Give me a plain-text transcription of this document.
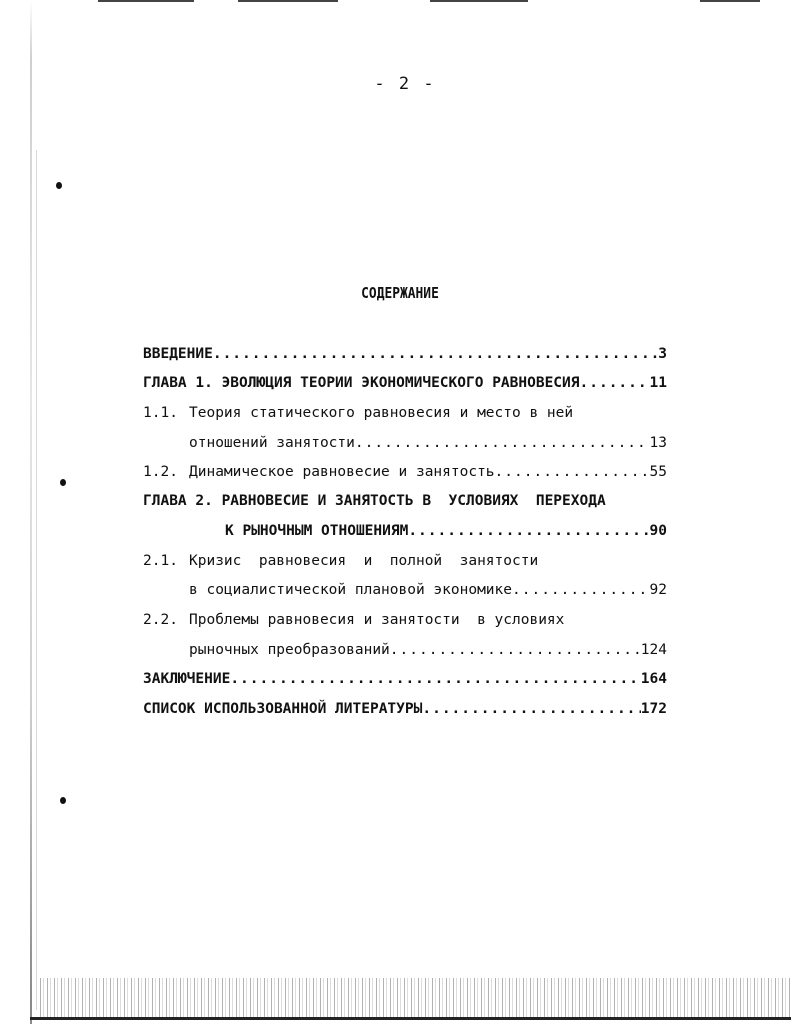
- 2 -
СОДЕРЖАНИЕ
ВВЕДЕНИЕ .....	3
ГЛАВА 1. ЭВОЛЮЦИЯ ТЕОРИИ ЭКОНОМИЧЕСКОГО РАВНОВЕСИЯ .....	11
1.1. Теория статического равновесия и место в ней
отношений занятости .....	13
1.2. Динамическое равновесие и занятость .....	55
ГЛАВА 2. РАВНОВЕСИЕ И ЗАНЯТОСТЬ В  УСЛОВИЯХ  ПЕРЕХОДА
К РЫНОЧНЫМ ОТНОШЕНИЯМ .....	90
2.1. Кризис  равновесия  и  полной  занятости
в социалистической плановой экономике .....	92
2.2. Проблемы равновесия и занятости  в условиях
рыночных преобразований .....	124
ЗАКЛЮЧЕНИЕ .....	164
СПИСОК ИСПОЛЬЗОВАННОЙ ЛИТЕРАТУРЫ .....	172
